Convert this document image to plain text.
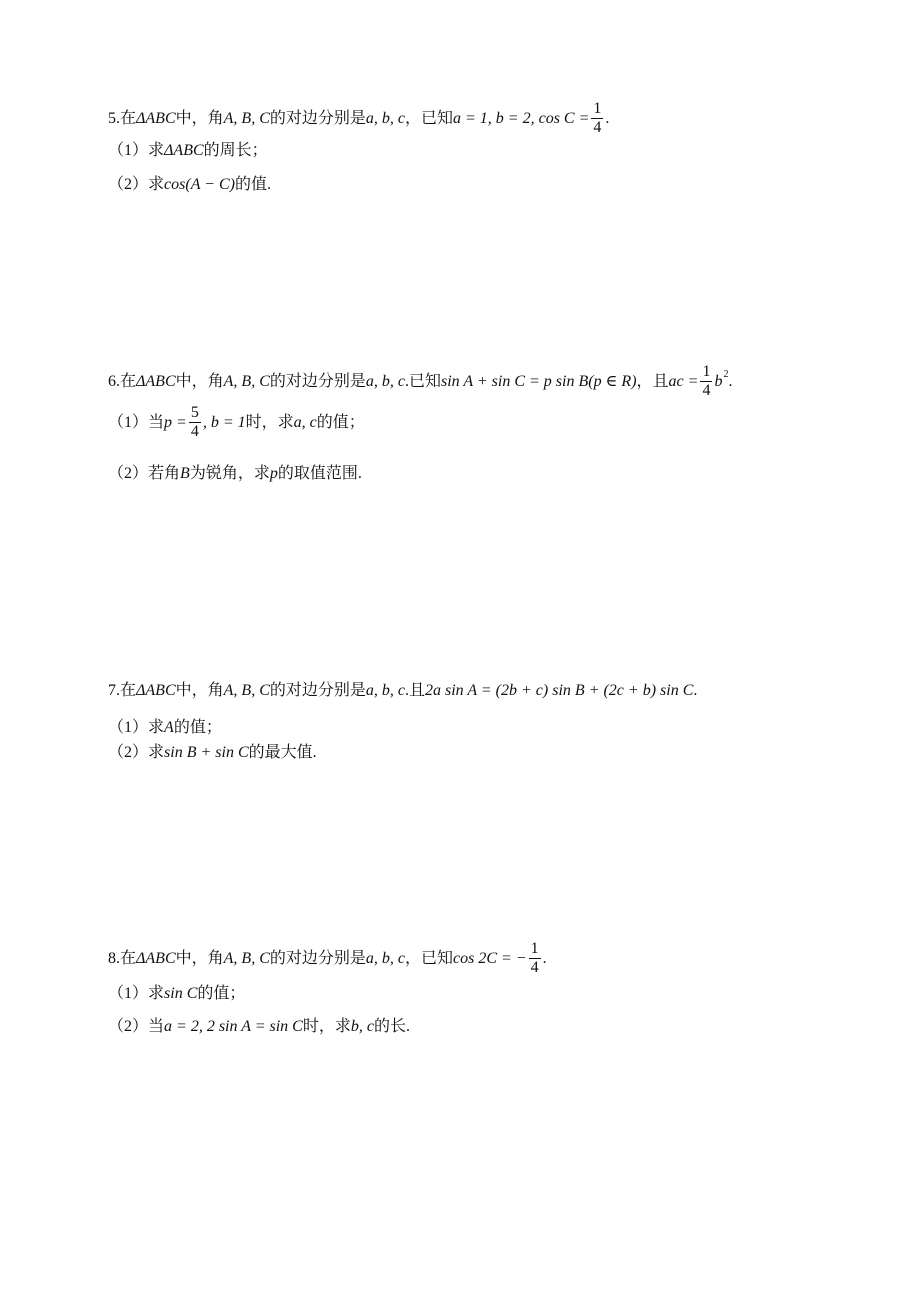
5. 在 ΔABC 中，角 A, B, C 的对边分别是 a, b, c ，已知 a = 1, b = 2, $\cos C = \frac{1}{4}$ .
（1） 求 ΔABC 的周长；
（2） 求 cos(A − C) 的值.
6. 在 ΔABC 中，角 A, B, C 的对边分别是 a, b, c .已知 sin A + sin C = p sin B(p ∈ R) ，且 ac = $\frac{1}{4}$ b 2 .
（1） 当 $p = \frac{5}{4}$ , b = 1 时，求 a, c 的值；
（2） 若角 B 为锐角，求 p 的取值范围.
7. 在 ΔABC 中，角 A, B, C 的对边分别是 a, b, c .且 2a sin A = (2b + c) sin B + (2c + b) sin C .
（1） 求 A 的值；
（2） 求 sin B + sin C 的最大值.
8. 在 ΔABC 中，角 A, B, C 的对边分别是 a, b, c ，已知 cos 2C = − $\frac{1}{4}$ .
（1） 求 sin C 的值；
（2） 当 a = 2, 2 sin A = sin C 时，求 b, c 的长.
